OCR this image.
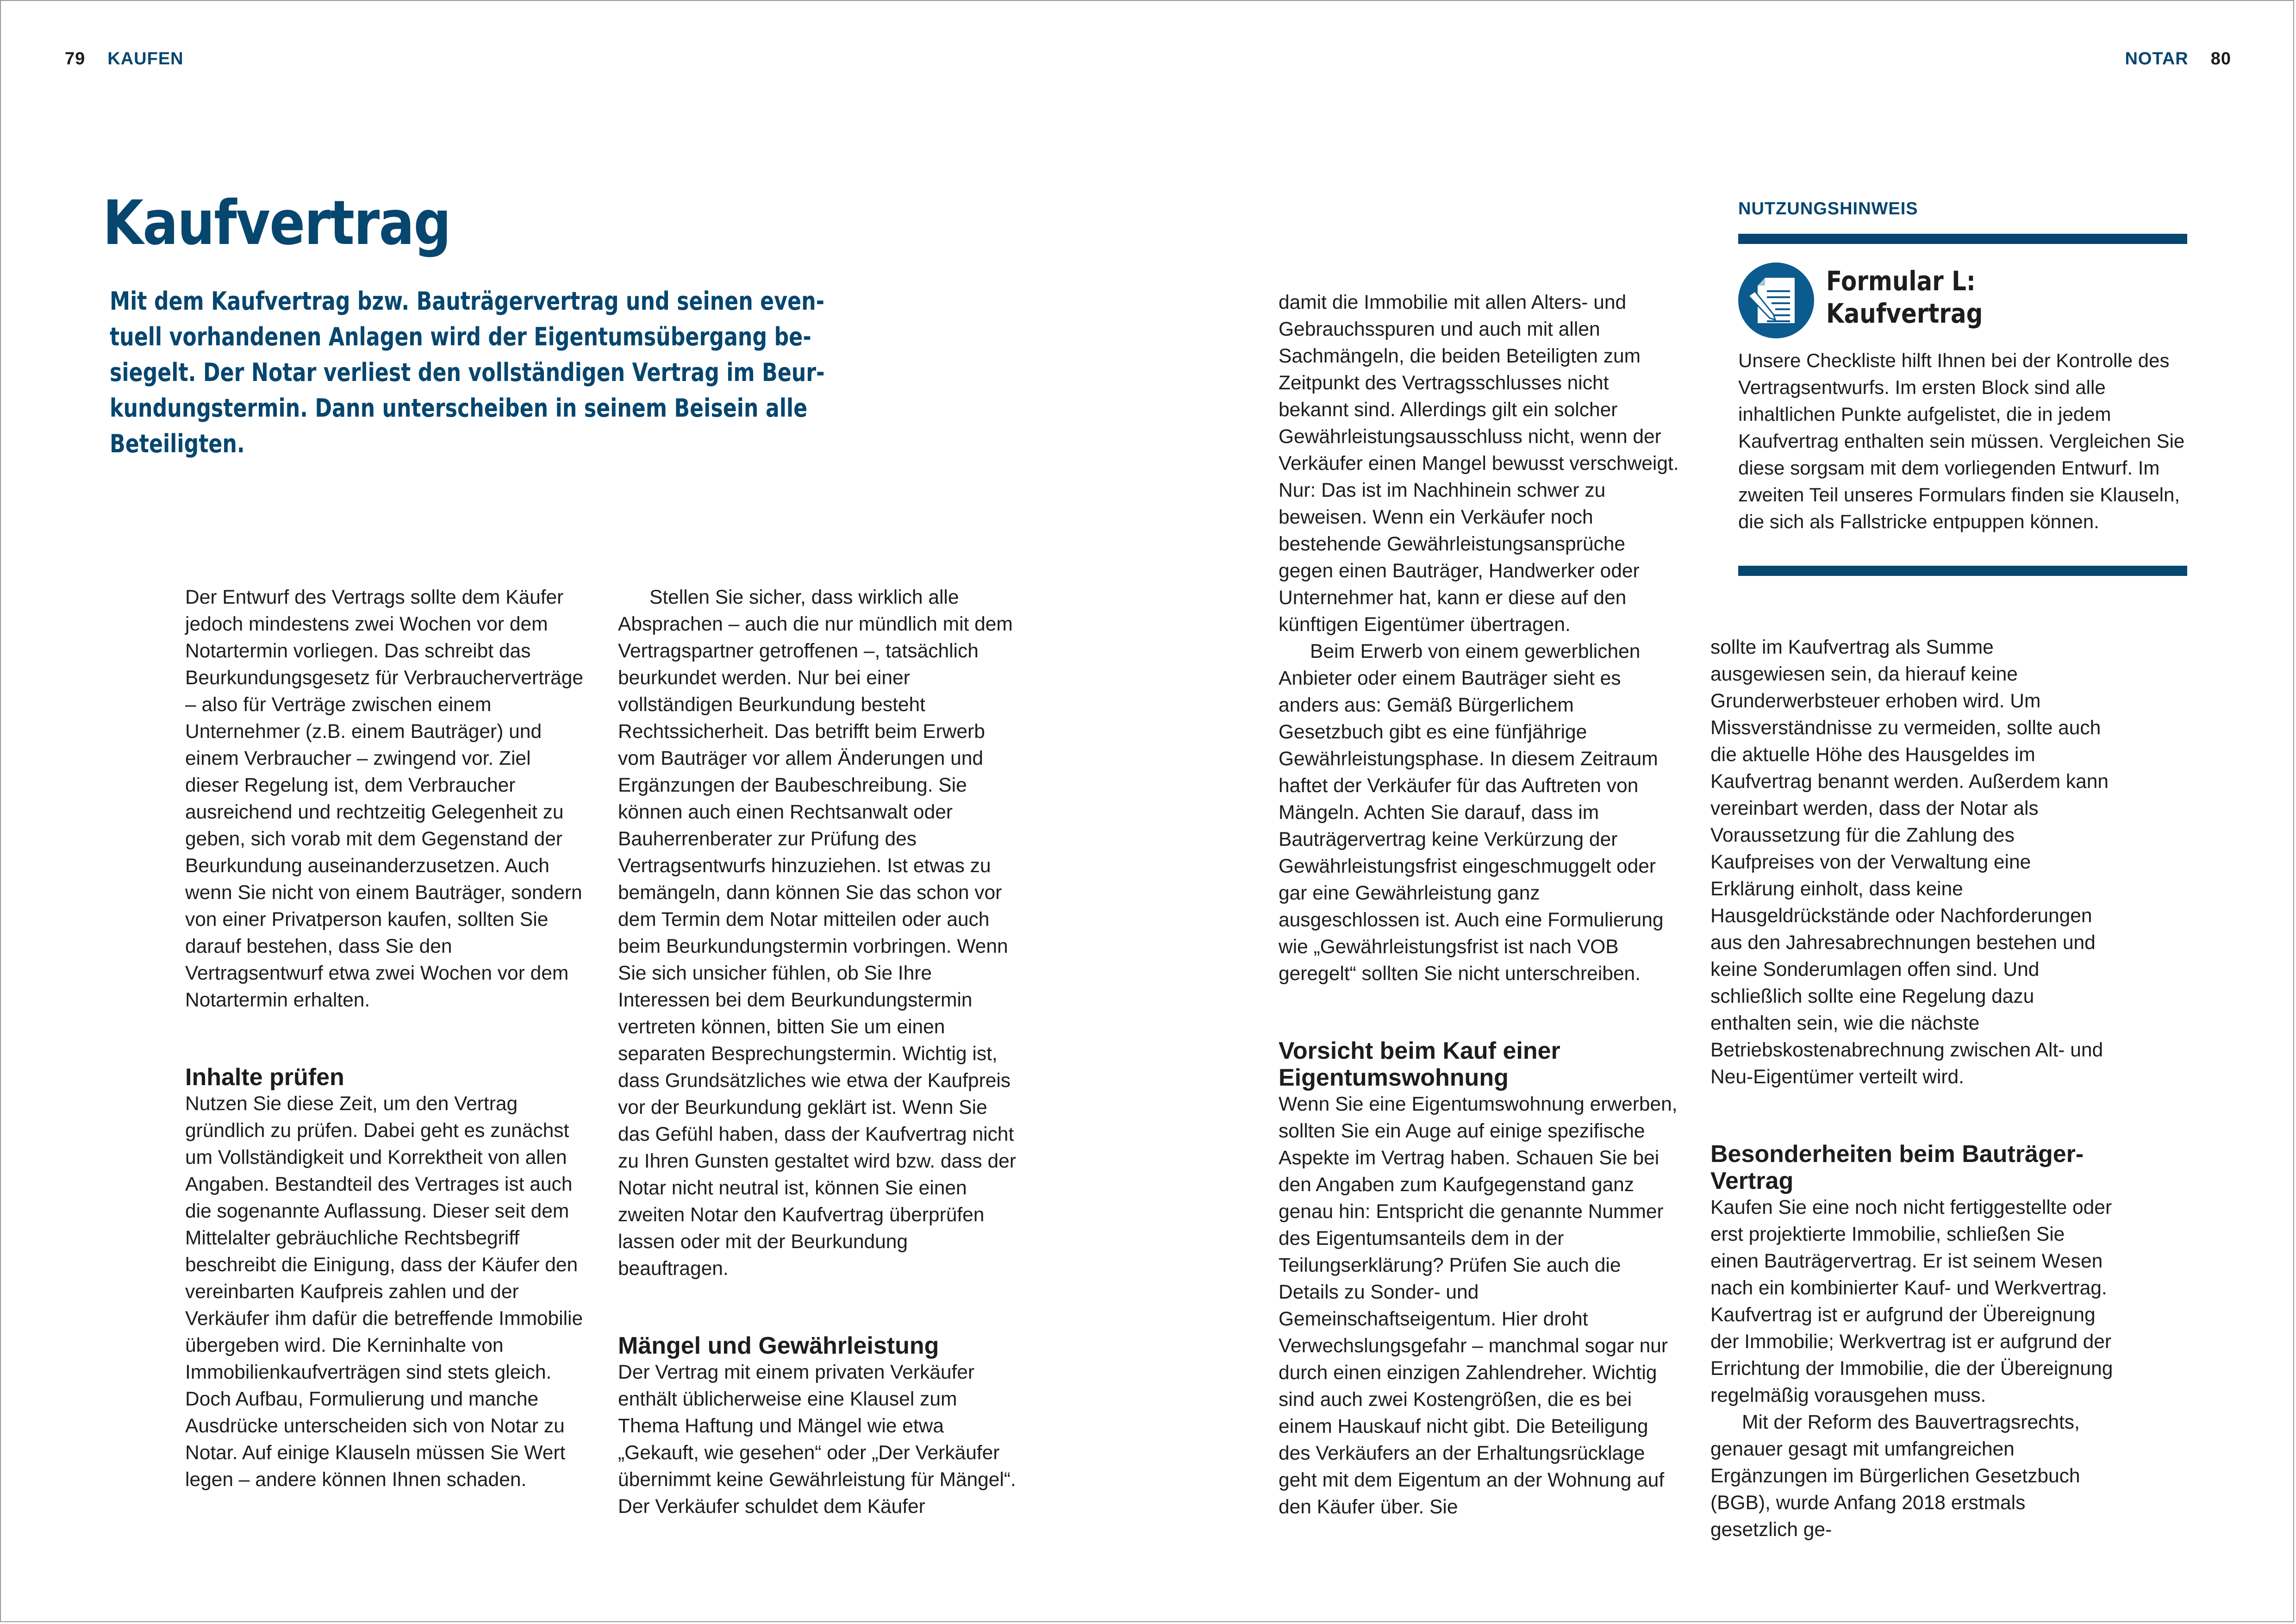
79 KAUFEN	NOTAR 80
Kaufvertrag
Mit dem Kaufvertrag bzw. Bauträgervertrag und seinen even-
tuell vorhandenen Anlagen wird der Eigentumsübergang be-
siegelt. Der Notar verliest den vollständigen Vertrag im Beur-
kundungstermin. Dann unterscheiben in seinem Beisein alle
Beteiligten.

Der Entwurf des Vertrags sollte dem Käufer jedoch mindestens zwei Wochen vor dem Notartermin vorliegen. Das schreibt das Beurkundungsgesetz für Verbraucherverträge – also für Verträge zwischen einem Unternehmer (z.B. einem Bauträger) und einem Verbraucher – zwingend vor. Ziel dieser Regelung ist, dem Verbraucher ausreichend und rechtzeitig Gelegenheit zu geben, sich vorab mit dem Gegenstand der Beurkundung auseinanderzusetzen. Auch wenn Sie nicht von einem Bauträger, sondern von einer Privatperson kaufen, sollten Sie darauf bestehen, dass Sie den Vertragsentwurf etwa zwei Wochen vor dem Notartermin erhalten.

Inhalte prüfen

Nutzen Sie diese Zeit, um den Vertrag gründlich zu prüfen. Dabei geht es zunächst um Vollständigkeit und Korrektheit von allen Angaben. Bestandteil des Vertrages ist auch die sogenannte Auflassung. Dieser seit dem Mittelalter gebräuchliche Rechtsbegriff beschreibt die Einigung, dass der Käufer den vereinbarten Kaufpreis zahlen und der Verkäufer ihm dafür die betreffende Immobilie übergeben wird. Die Kerninhalte von Immobilienkaufverträgen sind stets gleich. Doch Aufbau, Formulierung und manche Ausdrücke unterscheiden sich von Notar zu Notar. Auf einige Klauseln müssen Sie Wert legen – andere können Ihnen schaden.

Stellen Sie sicher, dass wirklich alle Absprachen – auch die nur mündlich mit dem Vertragspartner getroffenen –, tatsächlich beurkundet werden. Nur bei einer vollständigen Beurkundung besteht Rechtssicherheit. Das betrifft beim Erwerb vom Bauträger vor allem Änderungen und Ergänzungen der Baubeschreibung. Sie können auch einen Rechtsanwalt oder Bauherrenberater zur Prüfung des Vertragsentwurfs hinzuziehen. Ist etwas zu bemängeln, dann können Sie das schon vor dem Termin dem Notar mitteilen oder auch beim Beurkundungstermin vorbringen. Wenn Sie sich unsicher fühlen, ob Sie Ihre Interessen bei dem Beurkundungstermin vertreten können, bitten Sie um einen separaten Besprechungstermin. Wichtig ist, dass Grundsätzliches wie etwa der Kaufpreis vor der Beurkundung geklärt ist. Wenn Sie das Gefühl haben, dass der Kaufvertrag nicht zu Ihren Gunsten gestaltet wird bzw. dass der Notar nicht neutral ist, können Sie einen zweiten Notar den Kaufvertrag überprüfen lassen oder mit der Beurkundung beauftragen.

Mängel und Gewährleistung

Der Vertrag mit einem privaten Verkäufer enthält üblicherweise eine Klausel zum Thema Haftung und Mängel wie etwa „Gekauft, wie gesehen“ oder „Der Verkäufer übernimmt keine Gewährleistung für Mängel“. Der Verkäufer schuldet dem Käufer

damit die Immobilie mit allen Alters- und Gebrauchsspuren und auch mit allen Sachmängeln, die beiden Beteiligten zum Zeitpunkt des Vertragsschlusses nicht bekannt sind. Allerdings gilt ein solcher Gewährleistungsausschluss nicht, wenn der Verkäufer einen Mangel bewusst verschweigt. Nur: Das ist im Nachhinein schwer zu beweisen. Wenn ein Verkäufer noch bestehende Gewährleistungsansprüche gegen einen Bauträger, Handwerker oder Unternehmer hat, kann er diese auf den künftigen Eigentümer übertragen.

Beim Erwerb von einem gewerblichen Anbieter oder einem Bauträger sieht es anders aus: Gemäß Bürgerlichem Gesetzbuch gibt es eine fünfjährige Gewährleistungsphase. In diesem Zeitraum haftet der Verkäufer für das Auftreten von Mängeln. Achten Sie darauf, dass im Bauträgervertrag keine Verkürzung der Gewährleistungsfrist eingeschmuggelt oder gar eine Gewährleistung ganz ausgeschlossen ist. Auch eine Formulierung wie „Gewährleistungsfrist ist nach VOB geregelt“ sollten Sie nicht unterschreiben.

Vorsicht beim Kauf einer Eigentumswohnung

Wenn Sie eine Eigentumswohnung erwerben, sollten Sie ein Auge auf einige spezifische Aspekte im Vertrag haben. Schauen Sie bei den Angaben zum Kaufgegenstand ganz genau hin: Entspricht die genannte Nummer des Eigentumsanteils dem in der Teilungserklärung? Prüfen Sie auch die Details zu Sonder- und Gemeinschaftseigentum. Hier droht Verwechslungsgefahr – manchmal sogar nur durch einen einzigen Zahlendreher. Wichtig sind auch zwei Kostengrößen, die es bei einem Hauskauf nicht gibt. Die Beteiligung des Verkäufers an der Erhaltungsrücklage geht mit dem Eigentum an der Wohnung auf den Käufer über. Sie

sollte im Kaufvertrag als Summe ausgewiesen sein, da hierauf keine Grunderwerbsteuer erhoben wird. Um Missverständnisse zu vermeiden, sollte auch die aktuelle Höhe des Hausgeldes im Kaufvertrag benannt werden. Außerdem kann vereinbart werden, dass der Notar als Voraussetzung für die Zahlung des Kaufpreises von der Verwaltung eine Erklärung einholt, dass keine Hausgeldrückstände oder Nachforderungen aus den Jahresabrechnungen bestehen und keine Sonderumlagen offen sind. Und schließlich sollte eine Regelung dazu enthalten sein, wie die nächste Betriebskostenabrechnung zwischen Alt- und Neu-Eigentümer verteilt wird.

Besonderheiten beim Bauträger-Vertrag

Kaufen Sie eine noch nicht fertiggestellte oder erst projektierte Immobilie, schließen Sie einen Bauträgervertrag. Er ist seinem Wesen nach ein kombinierter Kauf- und Werkvertrag. Kaufvertrag ist er aufgrund der Übereignung der Immobilie; Werkvertrag ist er aufgrund der Errichtung der Immobilie, die der Übereignung regelmäßig vorausgehen muss.

Mit der Reform des Bauvertragsrechts, genauer gesagt mit umfangreichen Ergänzungen im Bürgerlichen Gesetzbuch (BGB), wurde Anfang 2018 erstmals gesetzlich ge-

NUTZUNGSHINWEIS
Formular L:
Kaufvertrag
Unsere Checkliste hilft Ihnen bei der Kontrolle des Vertragsentwurfs. Im ersten Block sind alle inhaltlichen Punkte aufgelistet, die in jedem Kaufvertrag enthalten sein müssen. Vergleichen Sie diese sorgsam mit dem vorliegenden Entwurf. Im zweiten Teil unseres Formulars finden sie Klauseln, die sich als Fallstricke entpuppen können.
